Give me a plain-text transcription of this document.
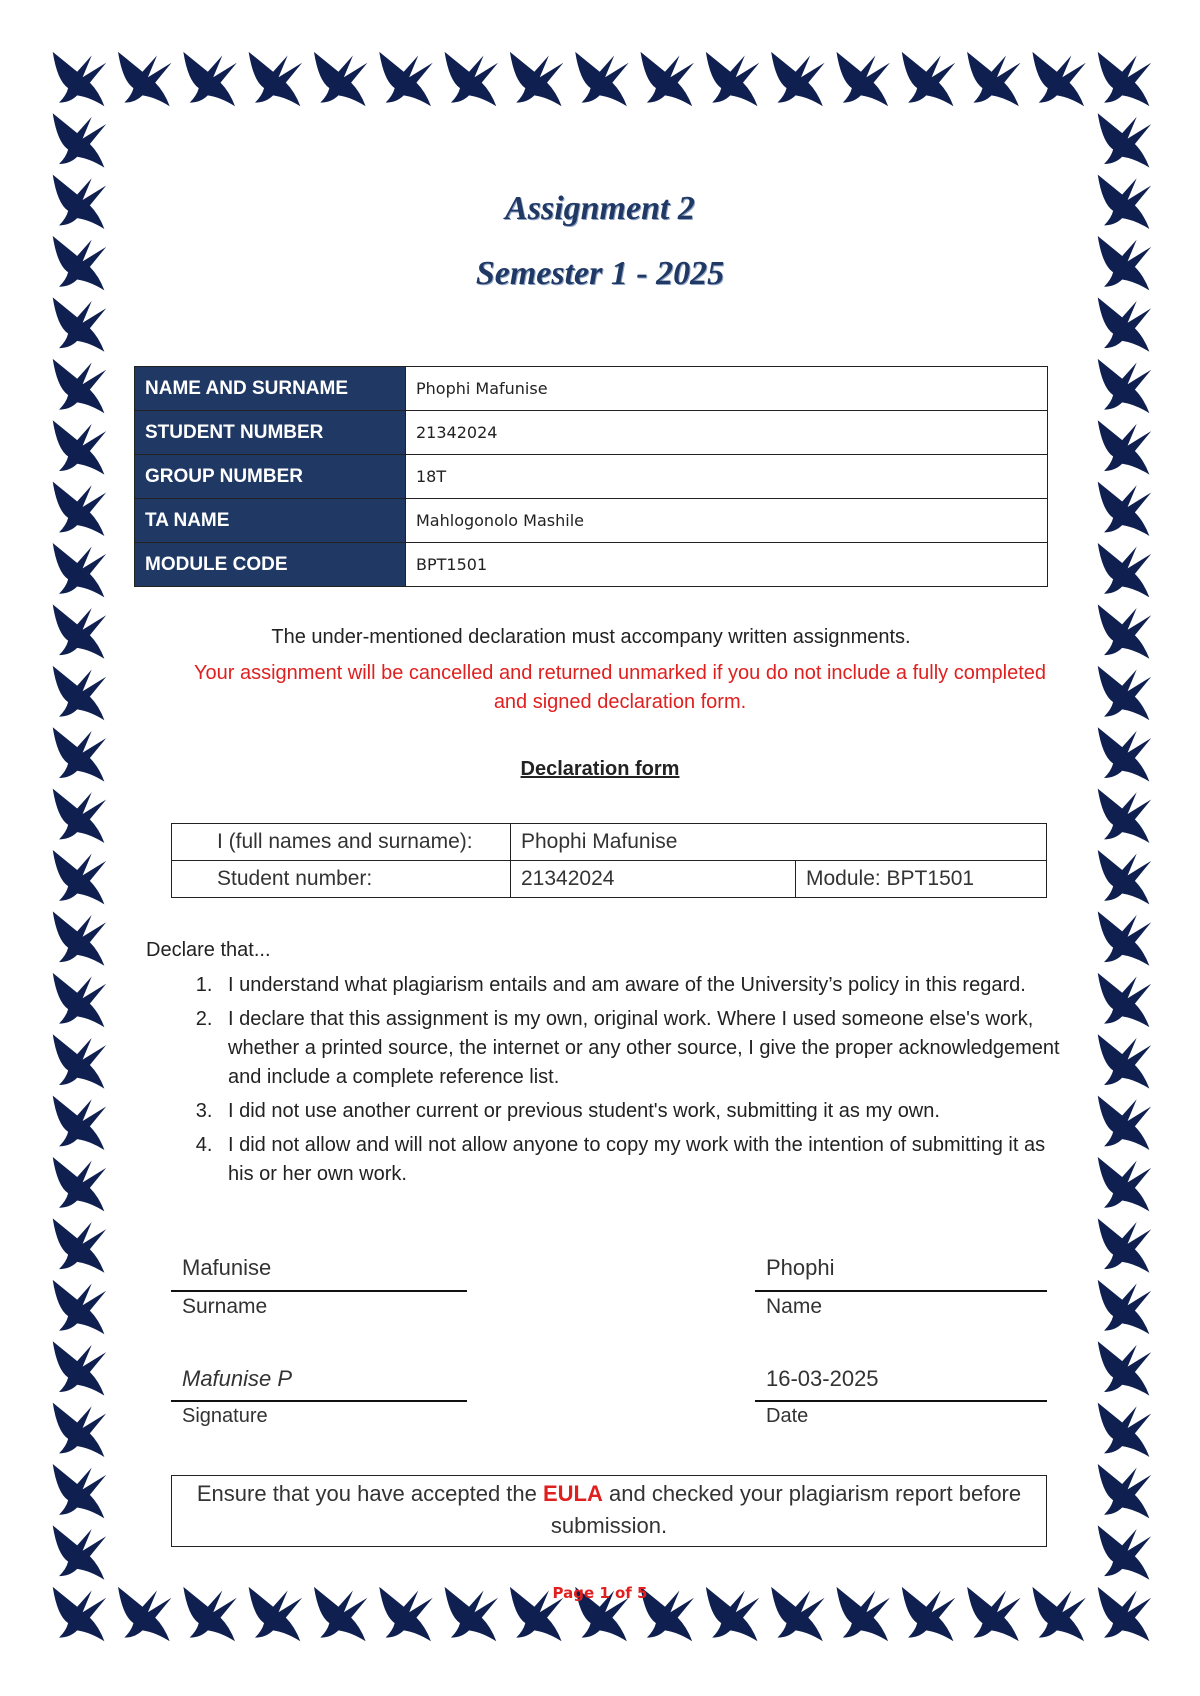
Assignment 2
Semester 1 - 2025
NAME AND SURNAME	Phophi Mafunise
STUDENT NUMBER	21342024
GROUP NUMBER	18T
TA NAME	Mahlogonolo Mashile
MODULE CODE	BPT1501
The under-mentioned declaration must accompany written assignments.
Your assignment will be cancelled and returned unmarked if you do not include a fully completed and signed declaration form.
Declaration form
I (full names and surname):	Phophi Mafunise	
Student number:	21342024	Module: BPT1501
Declare that...
1. I understand what plagiarism entails and am aware of the University’s policy in this regard.
2. I declare that this assignment is my own, original work. Where I used someone else's work, whether a printed source, the internet or any other source, I give the proper acknowledgement and include a complete reference list.
3. I did not use another current or previous student's work, submitting it as my own.
4. I did not allow and will not allow anyone to copy my work with the intention of submitting it as his or her own work.
Mafunise
Surname
Phophi
Name
Mafunise P
Signature
16-03-2025
Date
Ensure that you have accepted the EULA and checked your plagiarism report before submission.
Page 1 of 5
